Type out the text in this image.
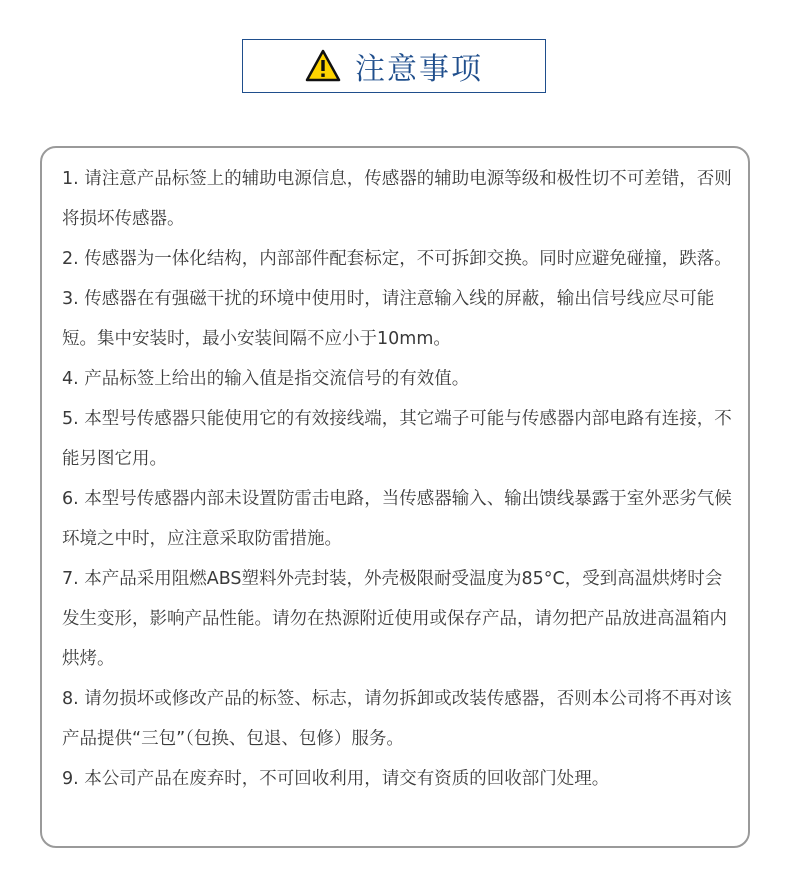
注意事项

1. 请注意产品标签上的辅助电源信息，传感器的辅助电源等级和极性切不可差错，否则将损坏传感器。

2. 传感器为一体化结构，内部部件配套标定，不可拆卸交换。同时应避免碰撞，跌落。

3. 传感器在有强磁干扰的环境中使用时，请注意输入线的屏蔽，输出信号线应尽可能短。集中安装时，最小安装间隔不应小于10mm。

4. 产品标签上给出的输入值是指交流信号的有效值。

5. 本型号传感器只能使用它的有效接线端，其它端子可能与传感器内部电路有连接，不能另图它用。

6. 本型号传感器内部未设置防雷击电路，当传感器输入、输出馈线暴露于室外恶劣气候环境之中时，应注意采取防雷措施。

7. 本产品采用阻燃ABS塑料外壳封装，外壳极限耐受温度为85°C，受到高温烘烤时会发生变形，影响产品性能。请勿在热源附近使用或保存产品，请勿把产品放进高温箱内烘烤。

8. 请勿损坏或修改产品的标签、标志，请勿拆卸或改装传感器，否则本公司将不再对该产品提供“三包”（包换、包退、包修）服务。

9. 本公司产品在废弃时，不可回收利用，请交有资质的回收部门处理。
